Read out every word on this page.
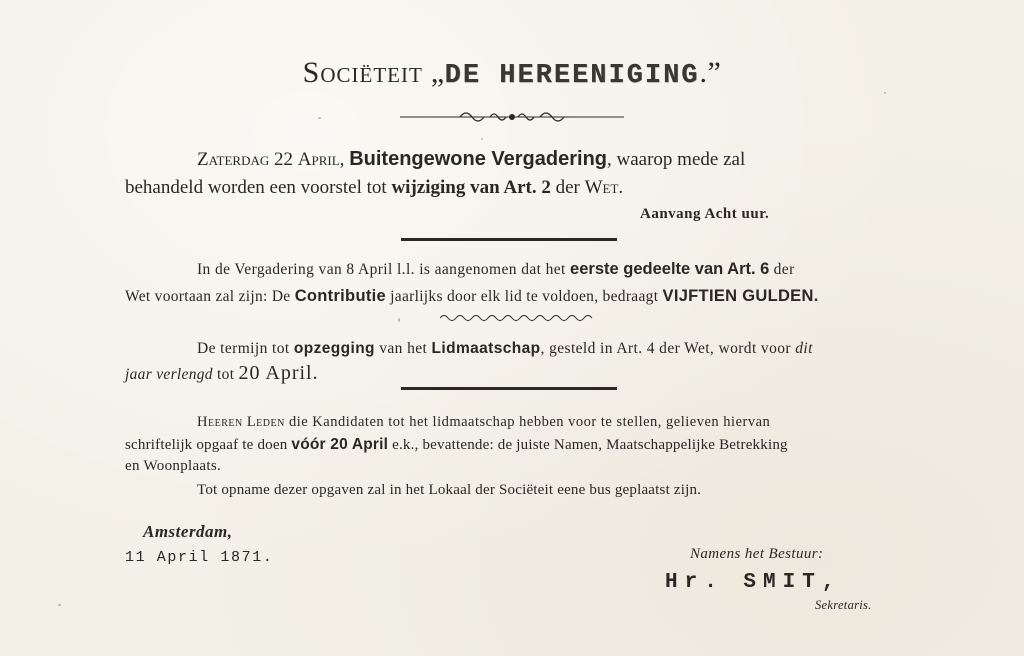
Sociëteit „DE HEREENIGING.”
Zaterdag 22 April, Buitengewone Vergadering, waarop mede zal
behandeld worden een voorstel tot wijziging van Art. 2 der Wet.
Aanvang Acht uur.
In de Vergadering van 8 April l.l. is aangenomen dat het eerste gedeelte van Art. 6 der
Wet voortaan zal zijn: De Contributie jaarlijks door elk lid te voldoen, bedraagt VIJFTIEN GULDEN.
De termijn tot opzegging van het Lidmaatschap, gesteld in Art. 4 der Wet, wordt voor dit
jaar verlengd tot 20 April.
Heeren Leden die Kandidaten tot het lidmaatschap hebben voor te stellen, gelieven hiervan
schriftelijk opgaaf te doen vóór 20 April e.k., bevattende: de juiste Namen, Maatschappelijke Betrekking
en Woonplaats.
Tot opname dezer opgaven zal in het Lokaal der Sociëteit eene bus geplaatst zijn.
Amsterdam,
11 April 1871.	Namens het Bestuur:
Hr. SMIT,
Sekretaris.
